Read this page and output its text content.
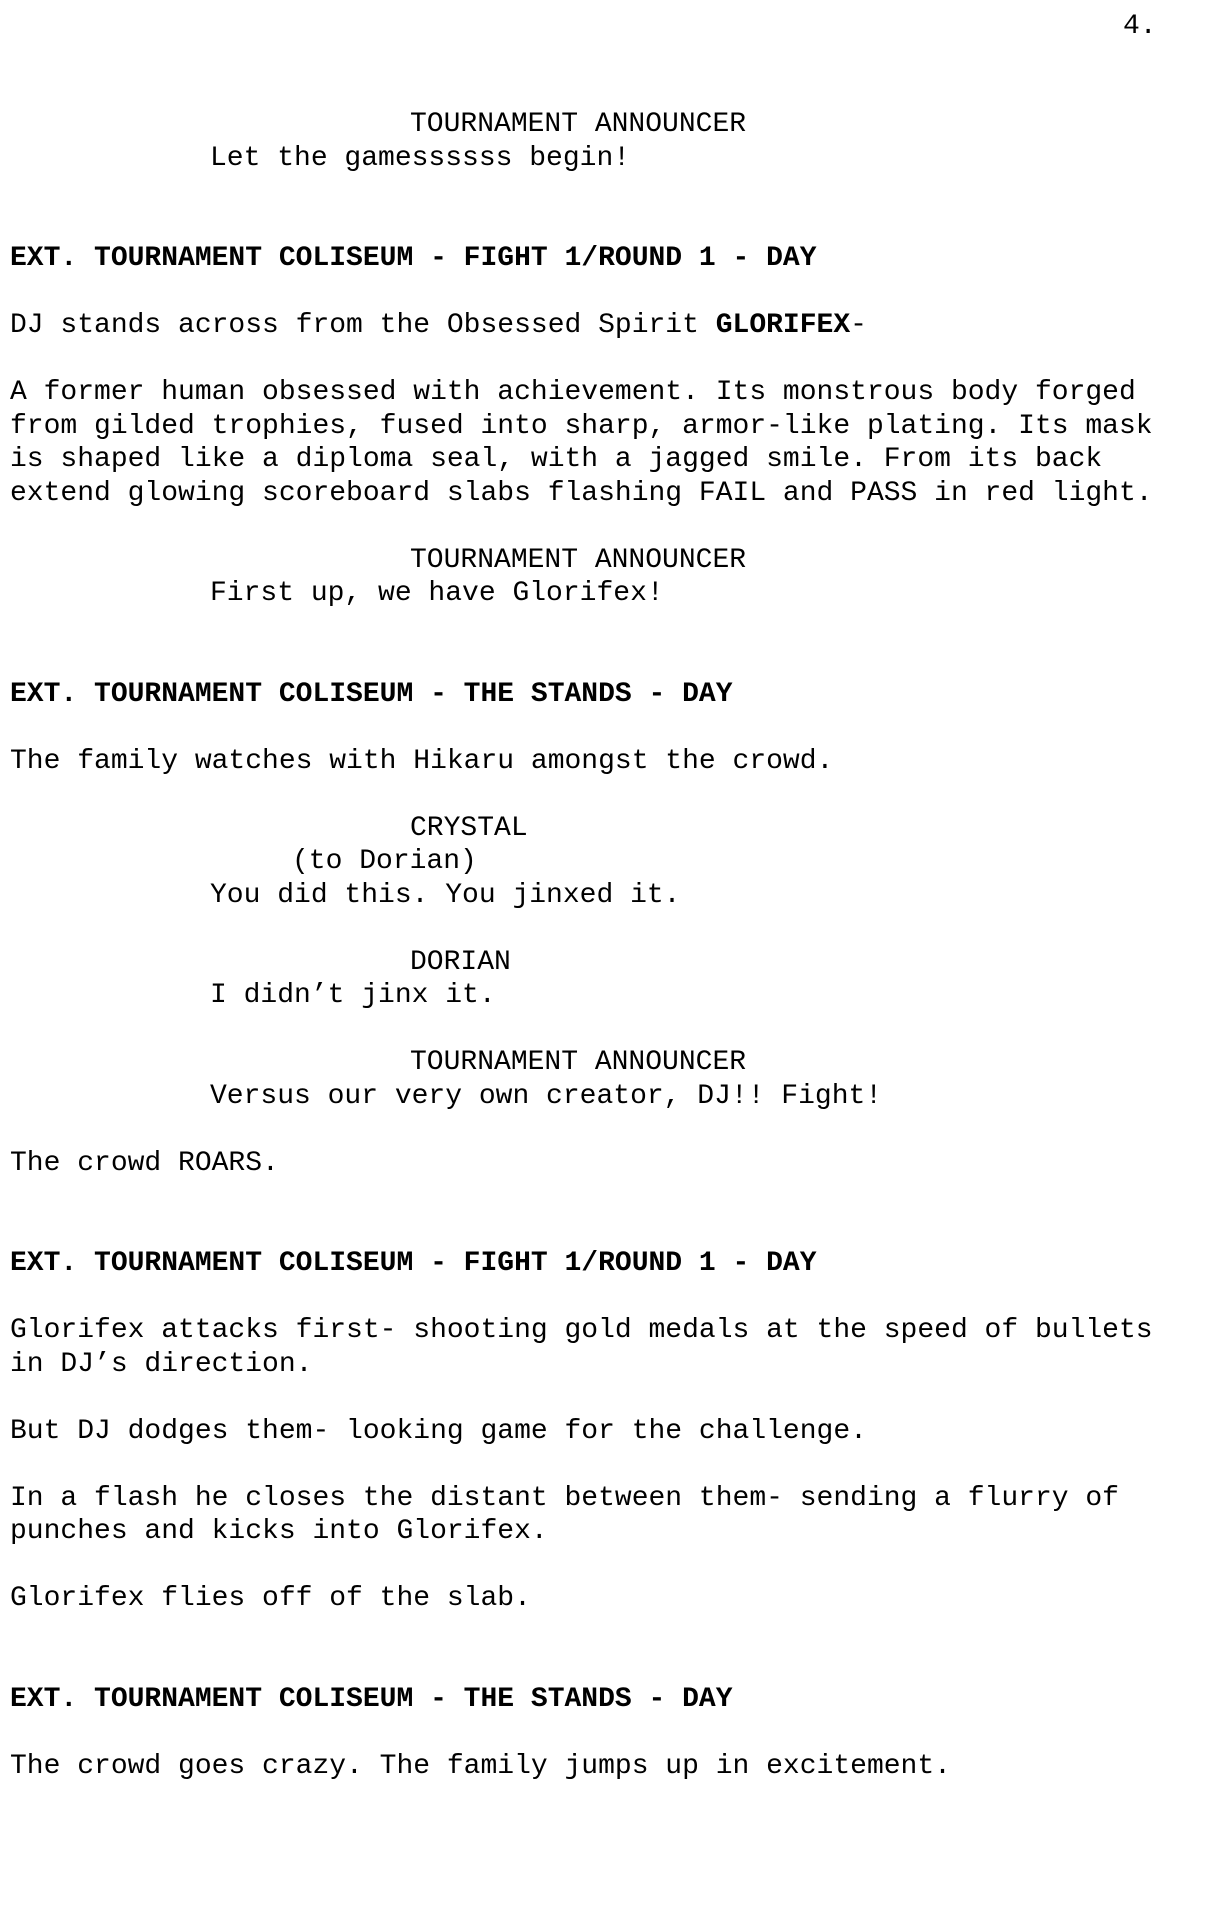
4.

TOURNAMENT ANNOUNCER

Let the gamessssss begin!

EXT. TOURNAMENT COLISEUM - FIGHT 1/ROUND 1 - DAY

DJ stands across from the Obsessed Spirit GLORIFEX-

A former human obsessed with achievement. Its monstrous body forged from gilded trophies, fused into sharp, armor-like plating. Its mask is shaped like a diploma seal, with a jagged smile. From its back extend glowing scoreboard slabs flashing FAIL and PASS in red light.

TOURNAMENT ANNOUNCER

First up, we have Glorifex!

EXT. TOURNAMENT COLISEUM - THE STANDS - DAY

The family watches with Hikaru amongst the crowd.

CRYSTAL

(to Dorian)

You did this. You jinxed it.

DORIAN

I didn’t jinx it.

TOURNAMENT ANNOUNCER

Versus our very own creator, DJ!! Fight!

The crowd ROARS.

EXT. TOURNAMENT COLISEUM - FIGHT 1/ROUND 1 - DAY

Glorifex attacks first- shooting gold medals at the speed of bullets in DJ’s direction.

But DJ dodges them- looking game for the challenge.

In a flash he closes the distant between them- sending a flurry of punches and kicks into Glorifex.

Glorifex flies off of the slab.

EXT. TOURNAMENT COLISEUM - THE STANDS - DAY

The crowd goes crazy. The family jumps up in excitement.
